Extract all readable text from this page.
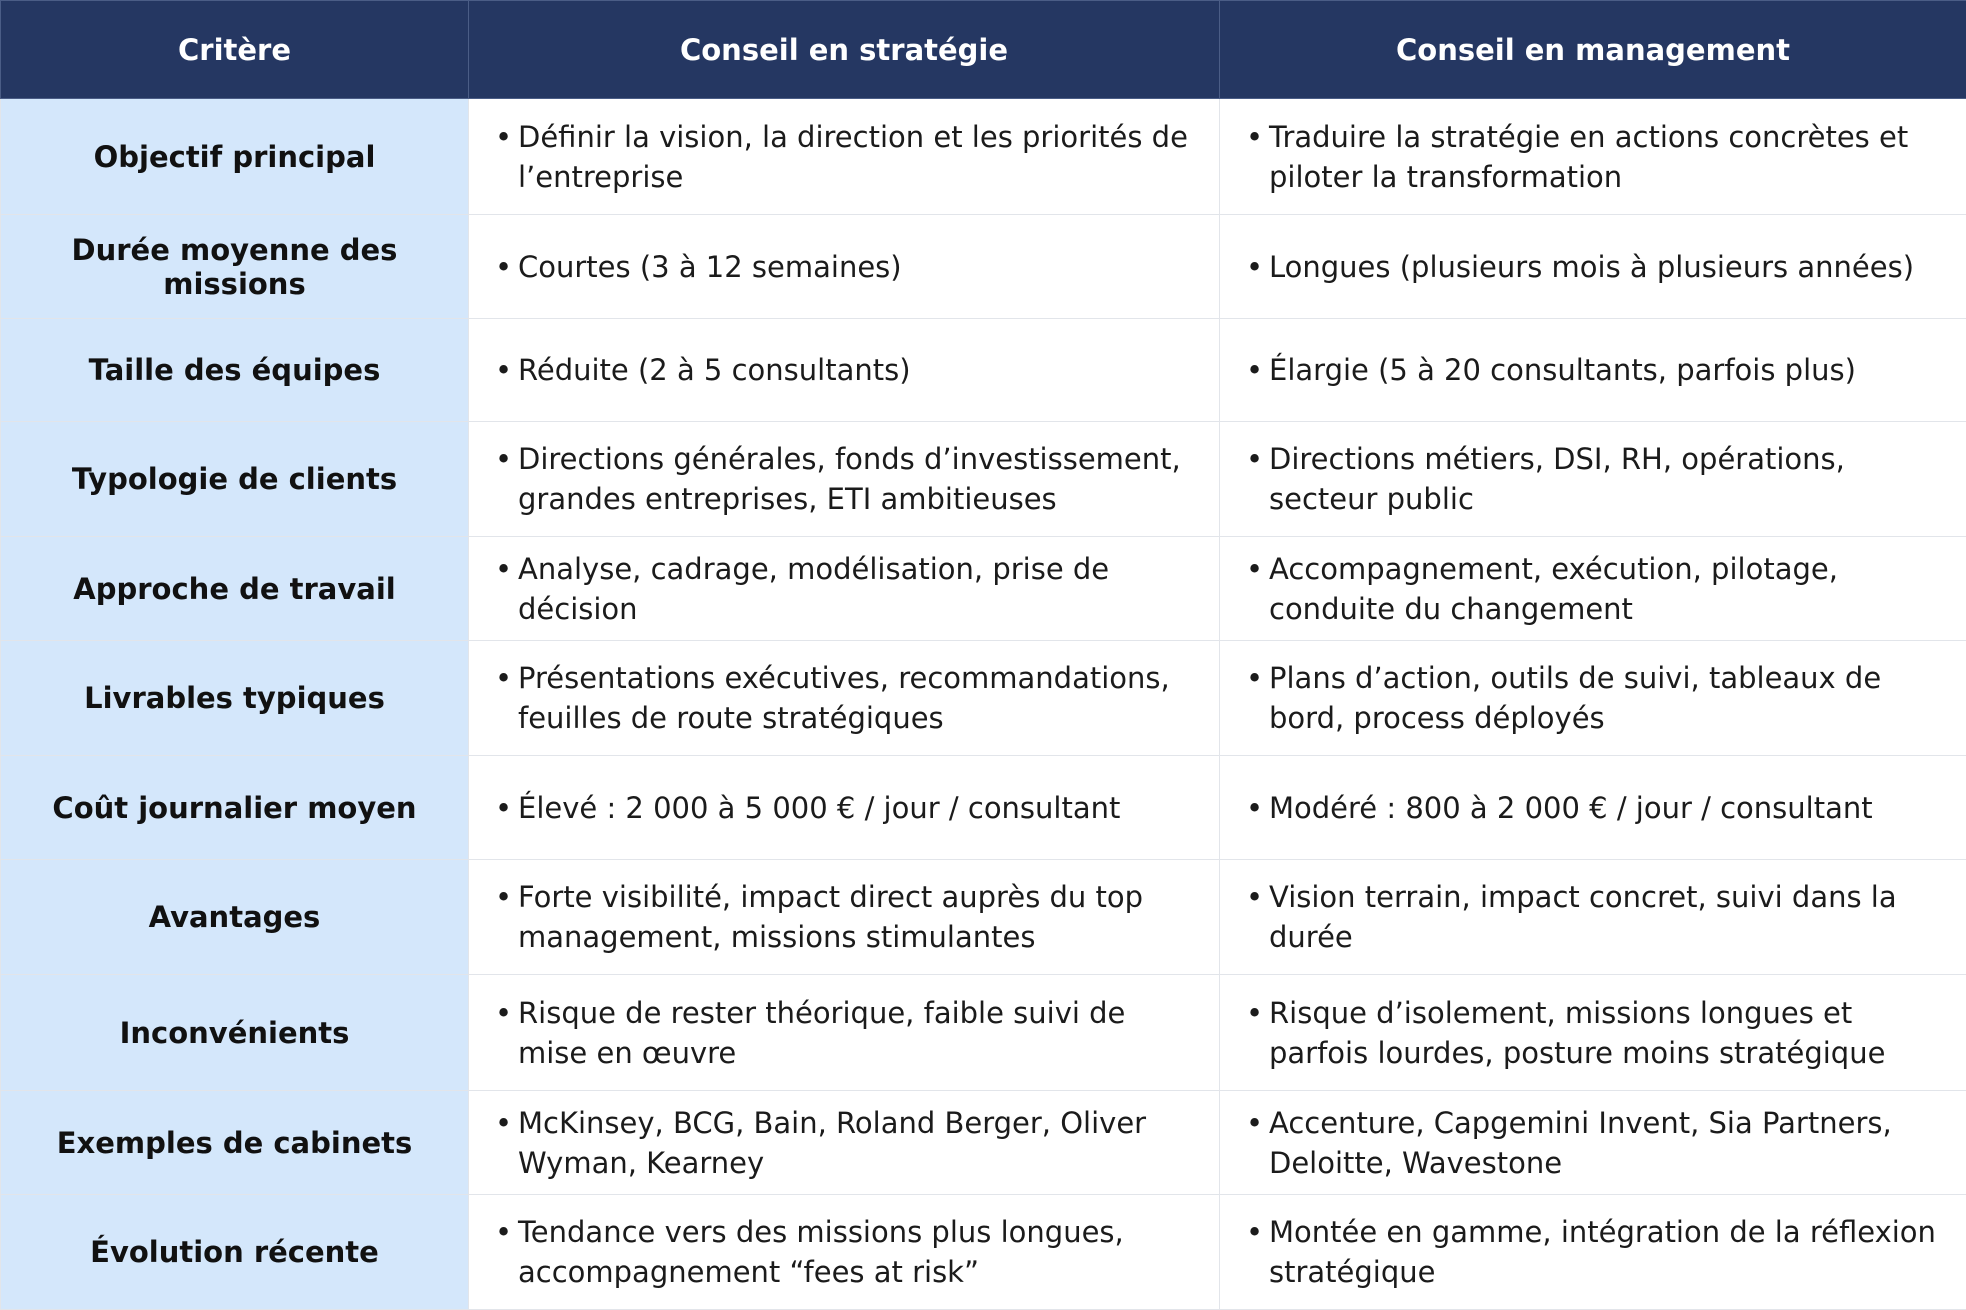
Critère	Conseil en stratégie	Conseil en management
Objectif principal	• Définir la vision, la direction et les priorités de l’entreprise	• Traduire la stratégie en actions concrètes et piloter la transformation

Durée moyenne des missions	• Courtes (3 à 12 semaines)	• Longues (plusieurs mois à plusieurs années)

Taille des équipes	• Réduite (2 à 5 consultants)	• Élargie (5 à 20 consultants, parfois plus)

Typologie de clients	• Directions générales, fonds d’investissement, grandes entreprises, ETI ambitieuses	• Directions métiers, DSI, RH, opérations, secteur public

Approche de travail	• Analyse, cadrage, modélisation, prise de décision	• Accompagnement, exécution, pilotage, conduite du changement

Livrables typiques	• Présentations exécutives, recommandations, feuilles de route stratégiques	• Plans d’action, outils de suivi, tableaux de bord, process déployés

Coût journalier moyen	• Élevé : 2 000 à 5 000 € / jour / consultant	• Modéré : 800 à 2 000 € / jour / consultant

Avantages	• Forte visibilité, impact direct auprès du top management, missions stimulantes	• Vision terrain, impact concret, suivi dans la durée

Inconvénients	• Risque de rester théorique, faible suivi de mise en œuvre	• Risque d’isolement, missions longues et parfois lourdes, posture moins stratégique

Exemples de cabinets	• McKinsey, BCG, Bain, Roland Berger, Oliver Wyman, Kearney	• Accenture, Capgemini Invent, Sia Partners, Deloitte, Wavestone

Évolution récente	• Tendance vers des missions plus longues, accompagnement “fees at risk”	• Montée en gamme, intégration de la réflexion stratégique
